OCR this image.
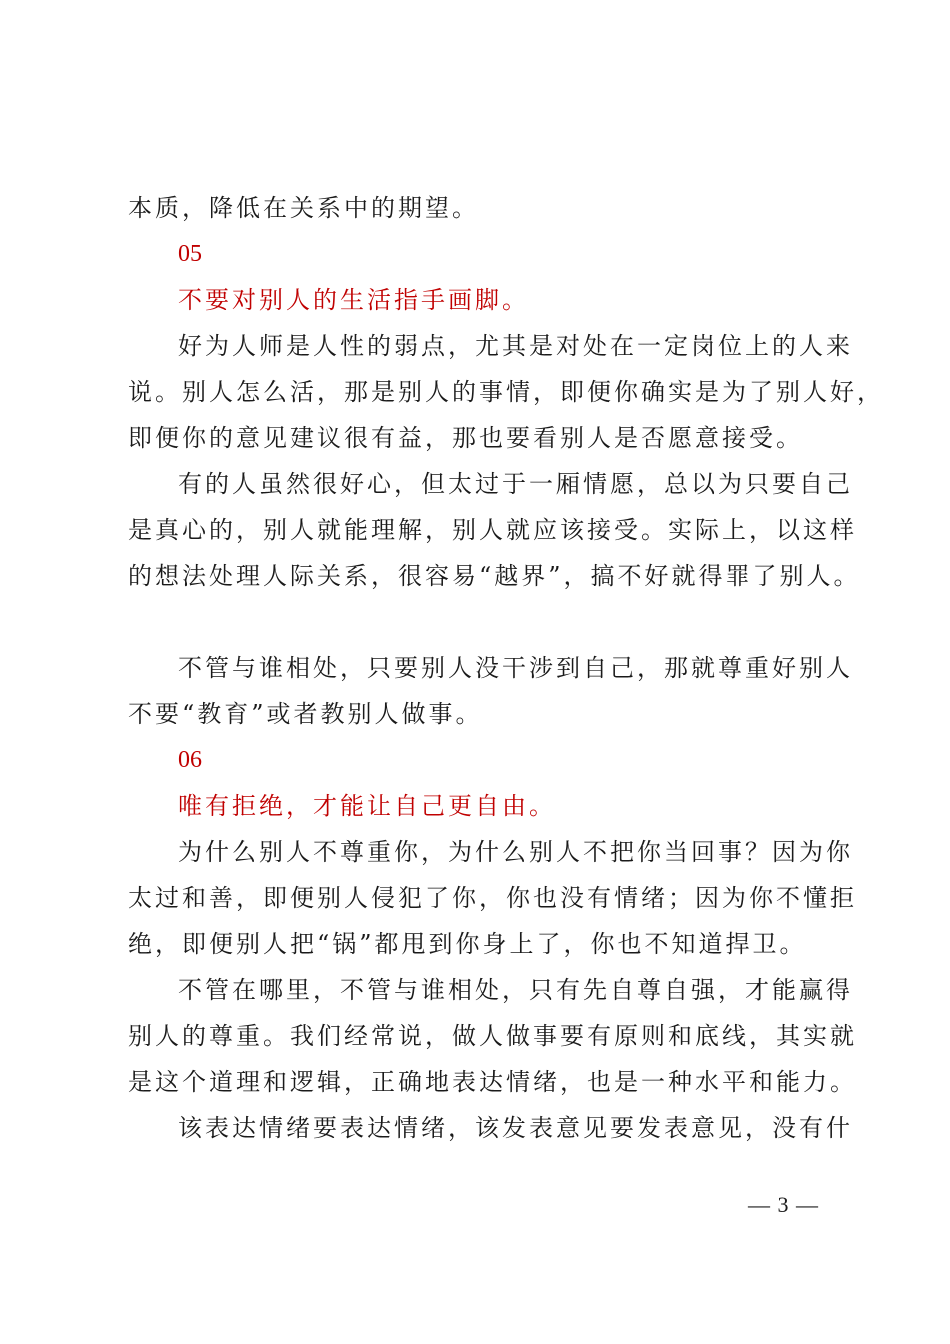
本质，降低在关系中的期望。
05
不要对别人的生活指手画脚。
好为人师是人性的弱点，尤其是对处在一定岗位上的人来
说。别人怎么活，那是别人的事情，即便你确实是为了别人好，
即便你的意见建议很有益，那也要看别人是否愿意接受。
有的人虽然很好心，但太过于一厢情愿，总以为只要自己
是真心的，别人就能理解，别人就应该接受。实际上，以这样
的想法处理人际关系，很容易“越界”，搞不好就得罪了别人。
不管与谁相处，只要别人没干涉到自己，那就尊重好别人
不要“教育”或者教别人做事。
06
唯有拒绝，才能让自己更自由。
为什么别人不尊重你，为什么别人不把你当回事？因为你
太过和善，即便别人侵犯了你，你也没有情绪；因为你不懂拒
绝，即便别人把“锅”都甩到你身上了，你也不知道捍卫。
不管在哪里，不管与谁相处，只有先自尊自强，才能赢得
别人的尊重。我们经常说，做人做事要有原则和底线，其实就
是这个道理和逻辑，正确地表达情绪，也是一种水平和能力。
该表达情绪要表达情绪，该发表意见要发表意见，没有什
— 3 —
